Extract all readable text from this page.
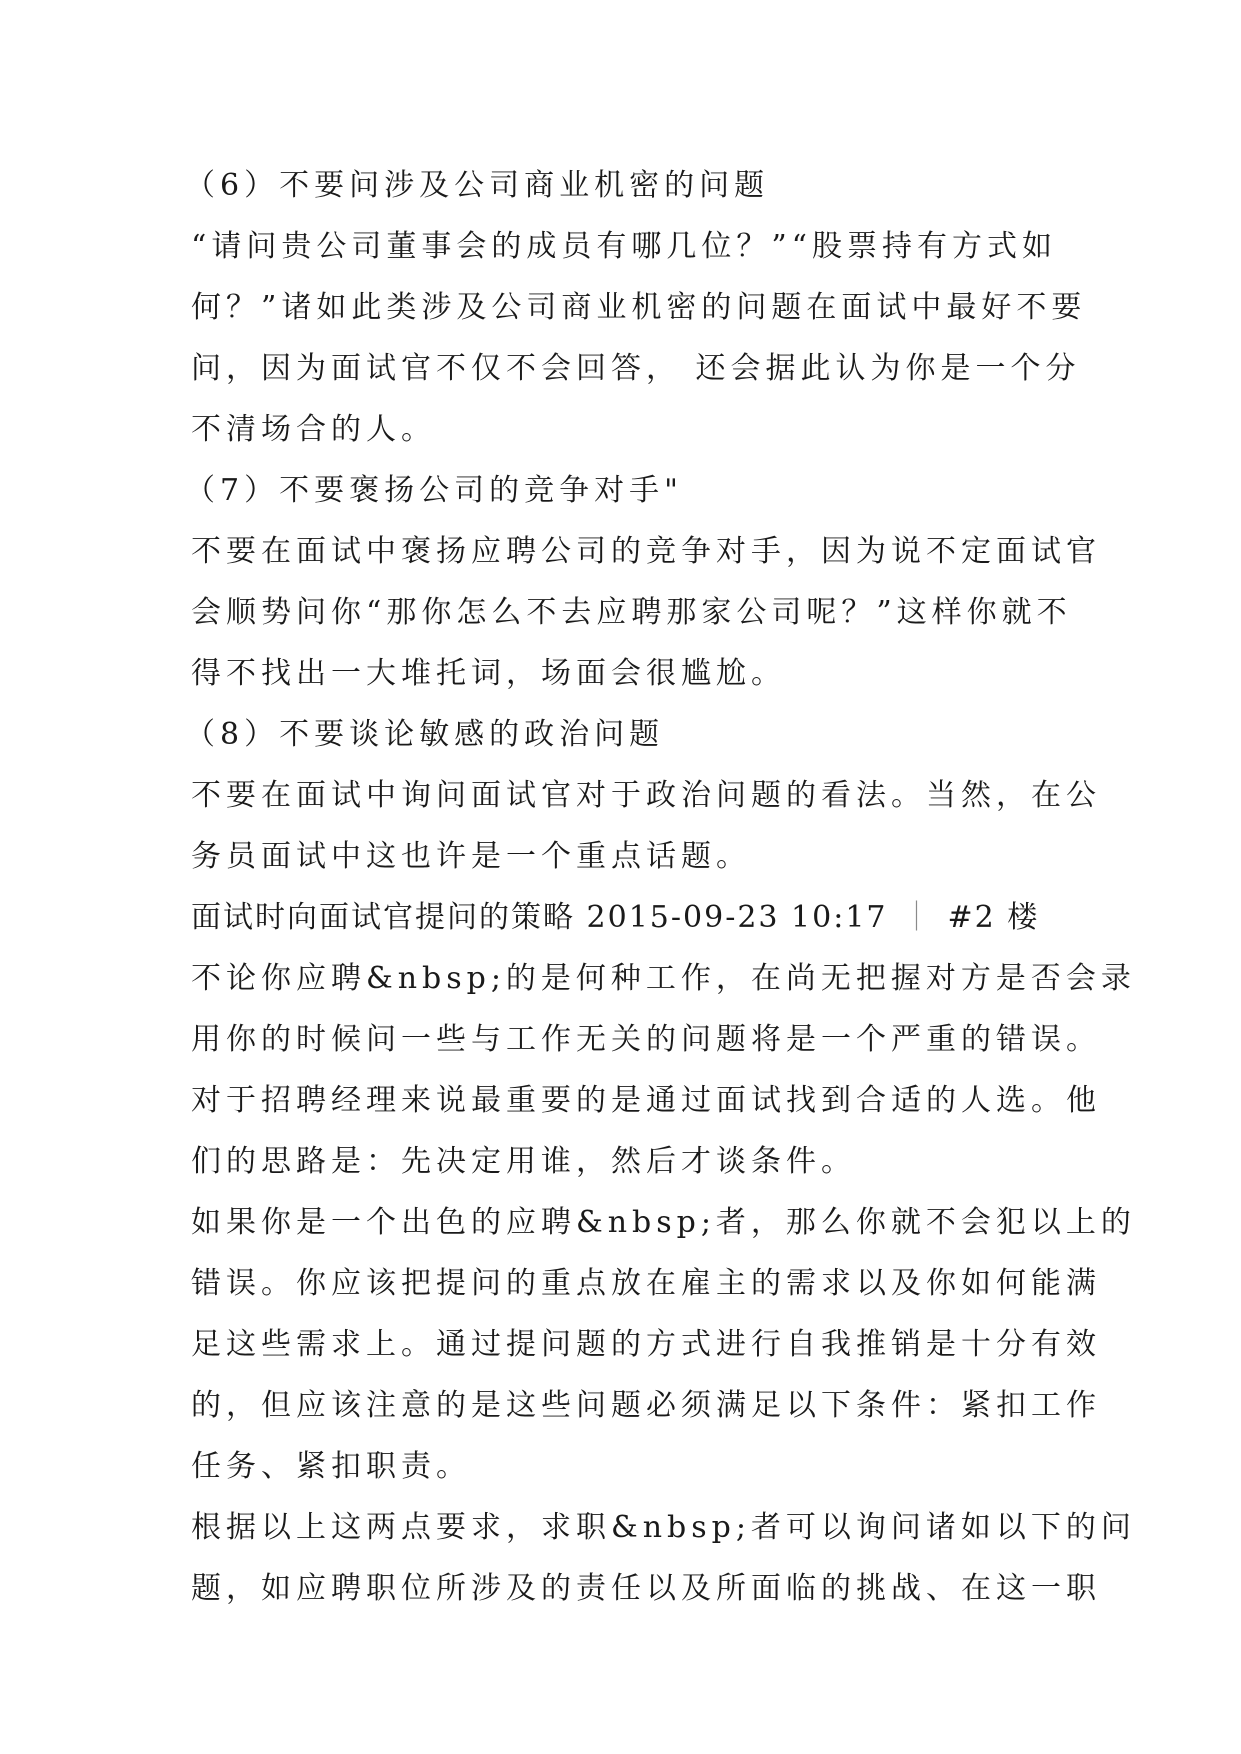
（6）不要问涉及公司商业机密的问题

“请问贵公司董事会的成员有哪几位？”“股票持有方式如

何？”诸如此类涉及公司商业机密的问题在面试中最好不要

问，因为面试官不仅不会回答， 还会据此认为你是一个分

不清场合的人。

（7）不要褒扬公司的竞争对手"

不要在面试中褒扬应聘公司的竞争对手，因为说不定面试官

会顺势问你“那你怎么不去应聘那家公司呢？”这样你就不

得不找出一大堆托词，场面会很尴尬。

（8）不要谈论敏感的政治问题

不要在面试中询问面试官对于政治问题的看法。当然，在公

务员面试中这也许是一个重点话题。

面试时向面试官提问的策略 2015-09-23 10:17 ｜ #2 楼

不论你应聘&nbsp;的是何种工作，在尚无把握对方是否会录

用你的时候问一些与工作无关的问题将是一个严重的错误。

对于招聘经理来说最重要的是通过面试找到合适的人选。他

们的思路是：先决定用谁，然后才谈条件。

如果你是一个出色的应聘&nbsp;者，那么你就不会犯以上的

错误。你应该把提问的重点放在雇主的需求以及你如何能满

足这些需求上。通过提问题的方式进行自我推销是十分有效

的，但应该注意的是这些问题必须满足以下条件：紧扣工作

任务、紧扣职责。

根据以上这两点要求，求职&nbsp;者可以询问诸如以下的问

题，如应聘职位所涉及的责任以及所面临的挑战、在这一职
